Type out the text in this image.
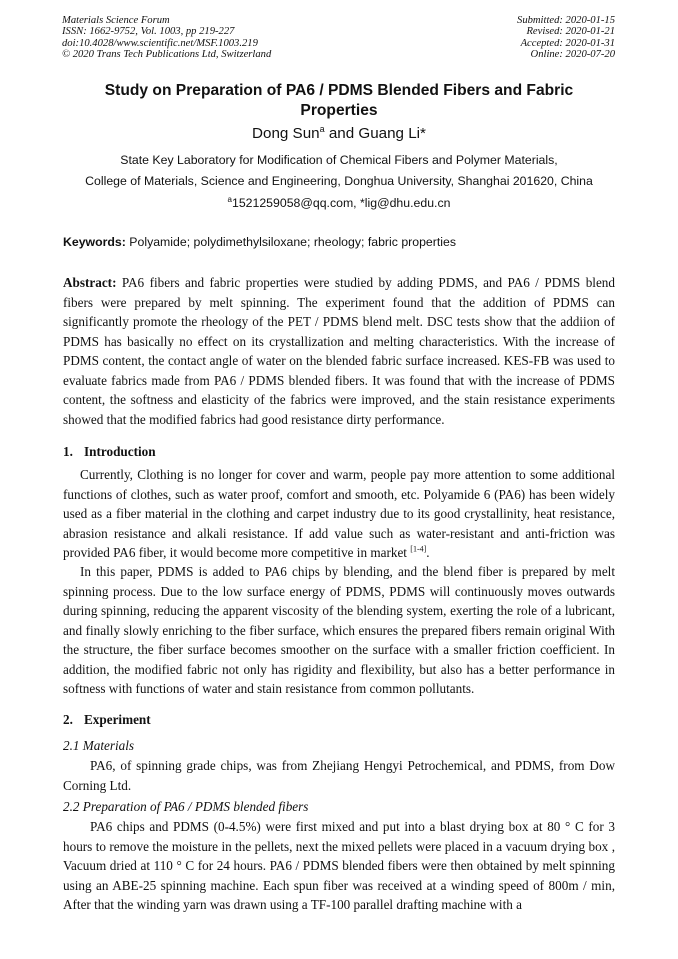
Materials Science Forum
ISSN: 1662-9752, Vol. 1003, pp 219-227
doi:10.4028/www.scientific.net/MSF.1003.219
© 2020 Trans Tech Publications Ltd, Switzerland
Submitted: 2020-01-15
Revised: 2020-01-21
Accepted: 2020-01-31
Online: 2020-07-20
Study on Preparation of PA6 / PDMS Blended Fibers and Fabric Properties
Dong Sun$^a$ and Guang Li*
State Key Laboratory for Modification of Chemical Fibers and Polymer Materials,
College of Materials, Science and Engineering, Donghua University, Shanghai 201620, China
$^a$1521259058@qq.com, *lig@dhu.edu.cn
Keywords: Polyamide; polydimethylsiloxane; rheology; fabric properties

Abstract: PA6 fibers and fabric properties were studied by adding PDMS, and PA6 / PDMS blend fibers were prepared by melt spinning. The experiment found that the addition of PDMS can significantly promote the rheology of the PET / PDMS blend melt. DSC tests show that the addiion of PDMS has basically no effect on its crystallization and melting characteristics. With the increase of PDMS content, the contact angle of water on the blended fabric surface increased. KES-FB was used to evaluate fabrics made from PA6 / PDMS blended fibers. It was found that with the increase of PDMS content, the softness and elasticity of the fabrics were improved, and the stain resistance experiments showed that the modified fabrics had good resistance dirty performance.

1. Introduction

Currently, Clothing is no longer for cover and warm, people pay more attention to some additional functions of clothes, such as water proof, comfort and smooth, etc. Polyamide 6 (PA6) has been widely used as a fiber material in the clothing and carpet industry due to its good crystallinity, heat resistance, abrasion resistance and alkali resistance. If add value such as water-resistant and anti-friction was provided PA6 fiber, it would become more competitive in market [1-4].

In this paper, PDMS is added to PA6 chips by blending, and the blend fiber is prepared by melt spinning process. Due to the low surface energy of PDMS, PDMS will continuously moves outwards during spinning, reducing the apparent viscosity of the blending system, exerting the role of a lubricant, and finally slowly enriching to the fiber surface, which ensures the prepared fibers remain original With the structure, the fiber surface becomes smoother on the surface with a smaller friction coefficient. In addition, the modified fabric not only has rigidity and flexibility, but also has a better performance in softness with functions of water and stain resistance from common pollutants.

2. Experiment
2.1 Materials

PA6, of spinning grade chips, was from Zhejiang Hengyi Petrochemical, and PDMS, from Dow Corning Ltd.

2.2 Preparation of PA6 / PDMS blended fibers

PA6 chips and PDMS (0-4.5%) were first mixed and put into a blast drying box at 80 ° C for 3 hours to remove the moisture in the pellets, next the mixed pellets were placed in a vacuum drying box , Vacuum dried at 110 ° C for 24 hours. PA6 / PDMS blended fibers were then obtained by melt spinning using an ABE-25 spinning machine. Each spun fiber was received at a winding speed of 800m / min, After that the winding yarn was drawn using a TF-100 parallel drafting machine with a
